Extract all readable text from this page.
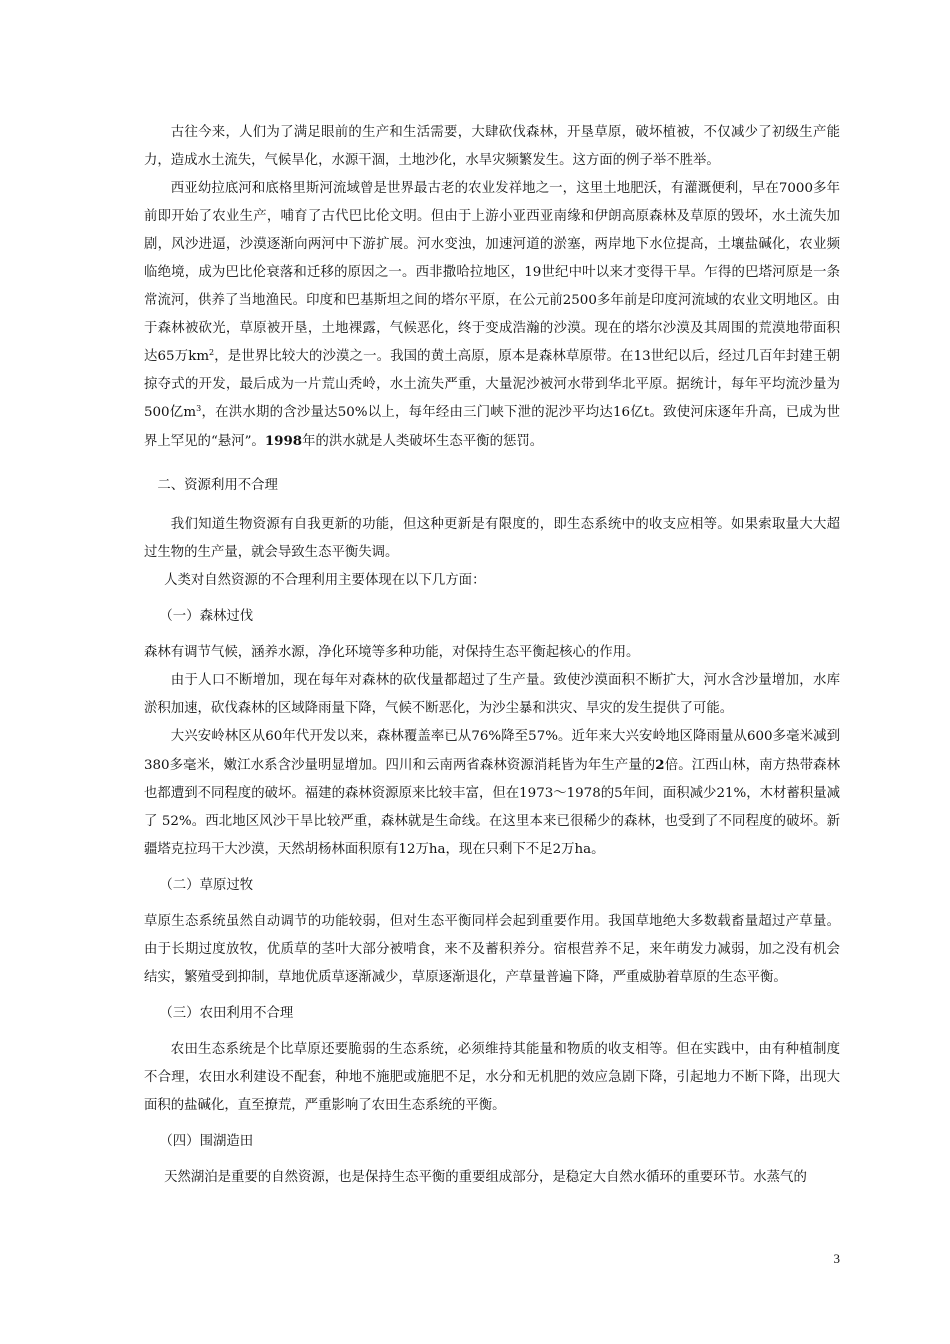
古往今来，人们为了满足眼前的生产和生活需要，大肆砍伐森林，开垦草原，破坏植被，不仅减少了初级生产能力，造成水土流失，气候旱化，水源干涸，土地沙化，水旱灾频繁发生。这方面的例子举不胜举。

西亚幼拉底河和底格里斯河流域曾是世界最古老的农业发祥地之一，这里土地肥沃，有灌溉便利，早在7000多年前即开始了农业生产，哺育了古代巴比伦文明。但由于上游小亚西亚南缘和伊朗高原森林及草原的毁坏，水土流失加剧，风沙进逼，沙漠逐渐向两河中下游扩展。河水变浊，加速河道的淤塞，两岸地下水位提高，土壤盐碱化，农业频临绝境，成为巴比伦衰落和迁移的原因之一。西非撒哈拉地区，19世纪中叶以来才变得干旱。乍得的巴塔河原是一条常流河，供养了当地渔民。印度和巴基斯坦之间的塔尔平原，在公元前2500多年前是印度河流域的农业文明地区。由于森林被砍光，草原被开垦，土地裸露，气候恶化，终于变成浩瀚的沙漠。现在的塔尔沙漠及其周围的荒漠地带面积达65万$km^2$，是世界比较大的沙漠之一。我国的黄土高原，原本是森林草原带。在13世纪以后，经过几百年封建王朝掠夺式的开发，最后成为一片荒山秃岭，水土流失严重，大量泥沙被河水带到华北平原。据统计，每年平均流沙量为500亿$m^3$，在洪水期的含沙量达50%以上，每年经由三门峡下泄的泥沙平均达16亿t。致使河床逐年升高，已成为世界上罕见的“悬河”。1998年的洪水就是人类破坏生态平衡的惩罚。

二、资源利用不合理

我们知道生物资源有自我更新的功能，但这种更新是有限度的，即生态系统中的收支应相等。如果索取量大大超过生物的生产量，就会导致生态平衡失调。

人类对自然资源的不合理利用主要体现在以下几方面：

（一）森林过伐

森林有调节气候，涵养水源，净化环境等多种功能，对保持生态平衡起核心的作用。

由于人口不断增加，现在每年对森林的砍伐量都超过了生产量。致使沙漠面积不断扩大，河水含沙量增加，水库淤积加速，砍伐森林的区域降雨量下降，气候不断恶化，为沙尘暴和洪灾、旱灾的发生提供了可能。

大兴安岭林区从60年代开发以来，森林覆盖率已从76%降至57%。近年来大兴安岭地区降雨量从600多毫米减到380多毫米，嫩江水系含沙量明显增加。四川和云南两省森林资源消耗皆为年生产量的2倍。江西山林，南方热带森林也都遭到不同程度的破坏。福建的森林资源原来比较丰富，但在1973～1978的5年间，面积减少21%，木材蓄积量减了 52%。西北地区风沙干旱比较严重，森林就是生命线。在这里本来已很稀少的森林，也受到了不同程度的破坏。新疆塔克拉玛干大沙漠，天然胡杨林面积原有12万ha，现在只剩下不足2万ha。

（二）草原过牧

草原生态系统虽然自动调节的功能较弱，但对生态平衡同样会起到重要作用。我国草地绝大多数载畜量超过产草量。由于长期过度放牧，优质草的茎叶大部分被啃食，来不及蓄积养分。宿根营养不足，来年萌发力减弱，加之没有机会结实，繁殖受到抑制，草地优质草逐渐减少，草原逐渐退化，产草量普遍下降，严重威胁着草原的生态平衡。

（三）农田利用不合理

农田生态系统是个比草原还要脆弱的生态系统，必须维持其能量和物质的收支相等。但在实践中，由有种植制度不合理，农田水利建设不配套，种地不施肥或施肥不足，水分和无机肥的效应急剧下降，引起地力不断下降，出现大面积的盐碱化，直至撩荒，严重影响了农田生态系统的平衡。

（四）围湖造田

天然湖泊是重要的自然资源，也是保持生态平衡的重要组成部分，是稳定大自然水循环的重要环节。水蒸气的

3
